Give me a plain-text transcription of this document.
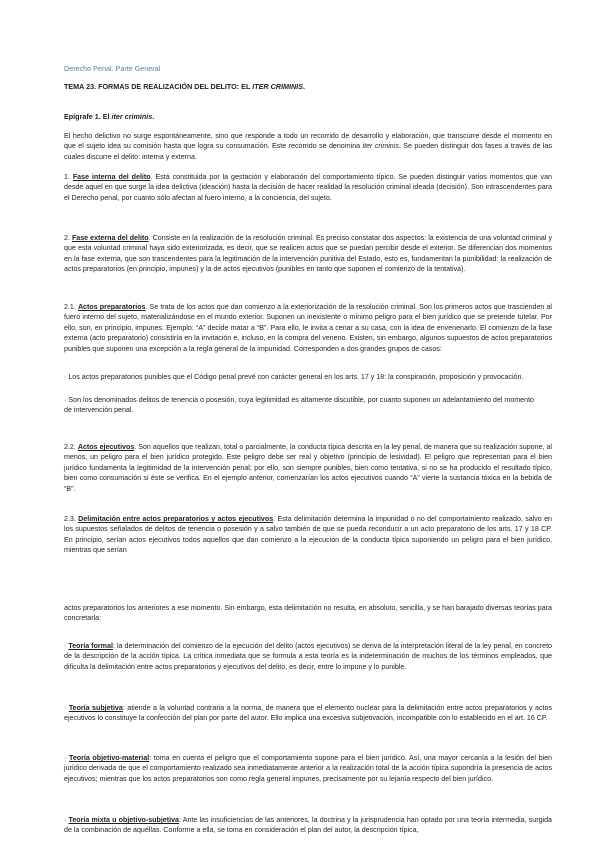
Derecho Penal. Parte General

TEMA 23. FORMAS DE REALIZACIÓN DEL DELITO: EL ITER CRIMINIS.

Epígrafe 1. El iter criminis.

El hecho delictivo no surge espontáneamente, sino que responde a todo un recorrido de desarrollo y elaboración, que transcurre desde el momento en que el sujeto idea su comisión hasta que logra su consumación. Este recorrido se denomina iter criminis. Se pueden distinguir dos fases a través de las cuales discurre el delito: interna y externa.

1. Fase interna del delito. Está constituida por la gestación y elaboración del comportamiento típico. Se pueden distinguir varios momentos que van desde aquel en que surge la idea delictiva (ideación) hasta la decisión de hacer realidad la resolución criminal ideada (decisión). Son intrascendentes para el Derecho penal, por cuanto sólo afectan al fuero interno, a la conciencia, del sujeto.

2. Fase externa del delito. Consiste en la realización de la resolución criminal. Es preciso constatar dos aspectos: la existencia de una voluntad criminal y que esta voluntad criminal haya sido exteriorizada, es decir, que se realicen actos que se puedan percibir desde el exterior. Se diferencian dos momentos en la fase externa, que son trascendentes para la legitimación de la intervención punitiva del Estado, esto es, fundamentan la punibilidad: la realización de actos preparatorios (en principio, impunes) y la de actos ejecutivos (punibles en tanto que suponen el comienzo de la tentativa).

2.1. Actos preparatorios. Se trata de los actos que dan comienzo a la exteriorización de la resolución criminal. Son los primeros actos que trascienden al fuero interno del sujeto, materializándose en el mundo exterior. Suponen un inexistente o mínimo peligro para el bien jurídico que se pretende tutelar. Por ello, son, en principio, impunes. Ejemplo: “A” decide matar a “B”. Para ello, le invita a cenar a su casa, con la idea de envenenarlo. El comienzo de la fase externa (acto preparatorio) consistiría en la invitación e, incluso, en la compra del veneno. Existen, sin embargo, algunos supuestos de actos preparatorios punibles que suponen una excepción a la regla general de la impunidad. Corresponden a dos grandes grupos de casos:

· Los actos preparatorios punibles que el Código penal prevé con carácter general en los arts. 17 y 18: la conspiración, proposición y provocación.

· Son los denominados delitos de tenencia o posesión, cuya legitimidad es altamente discutible, por cuanto suponen un adelantamiento del momento de intervención penal.

2.2. Actos ejecutivos. Son aquellos que realizan, total o parcialmente, la conducta típica descrita en la ley penal, de manera que su realización supone, al menos, un peligro para el bien jurídico protegido. Este peligro debe ser real y objetivo (principio de lesividad). El peligro que representan para el bien jurídico fundamenta la legitimidad de la intervención penal; por ello, son siempre punibles, bien como tentativa, si no se ha producido el resultado típico, bien como consumación si éste se verifica. En el ejemplo anterior, comenzarían los actos ejecutivos cuando “A” vierte la sustancia tóxica en la bebida de “B”.

2.3. Delimitación entre actos preparatorios y actos ejecutivos. Esta delimitación determina la impunidad o no del comportamiento realizado, salvo en los supuestos señalados de delitos de tenencia o posesión y a salvo también de que se pueda reconducir a un acto preparatorio de los arts. 17 y 18 CP. En principio, serían actos ejecutivos todos aquellos que dan comienzo a la ejecución de la conducta típica suponiendo un peligro para el bien jurídico, mientras que serían

actos preparatorios los anteriores a ese momento. Sin embargo, esta delimitación no resulta, en absoluto, sencilla, y se han barajado diversas teorías para concretarla:

· Teoría formal: la determinación del comienzo de la ejecución del delito (actos ejecutivos) se deriva de la interpretación literal de la ley penal, en concreto de la descripción de la acción típica. La crítica inmediata que se formula a esta teoría es la indeterminación de muchos de los términos empleados, que dificulta la delimitación entre actos preparatorios y ejecutivos del delito, es decir, entre lo impune y lo punible.

· Teoría subjetiva: atiende a la voluntad contraria a la norma, de manera que el elemento nuclear para la delimitación entre actos preparatorios y actos ejecutivos lo constituye la confección del plan por parte del autor. Ello implica una excesiva subjetivación, incompatible con lo establecido en el art. 16 CP.

· Teoría objetivo-material: toma en cuenta el peligro que el comportamiento supone para el bien jurídico. Así, una mayor cercanía a la lesión del bien jurídico derivada de que el comportamiento realizado sea inmediatamente anterior a la realización total de la acción típica supondría la presencia de actos ejecutivos; mientras que los actos preparatorios son como regla general impunes, precisamente por su lejanía respecto del bien jurídico.

· Teoría mixta u objetivo-subjetiva: Ante las insuficiencias de las anteriores, la doctrina y la jurisprudencia han optado por una teoría intermedia, surgida de la combinación de aquéllas. Conforme a ella, se toma en consideración el plan del autor, la descripción típica,
